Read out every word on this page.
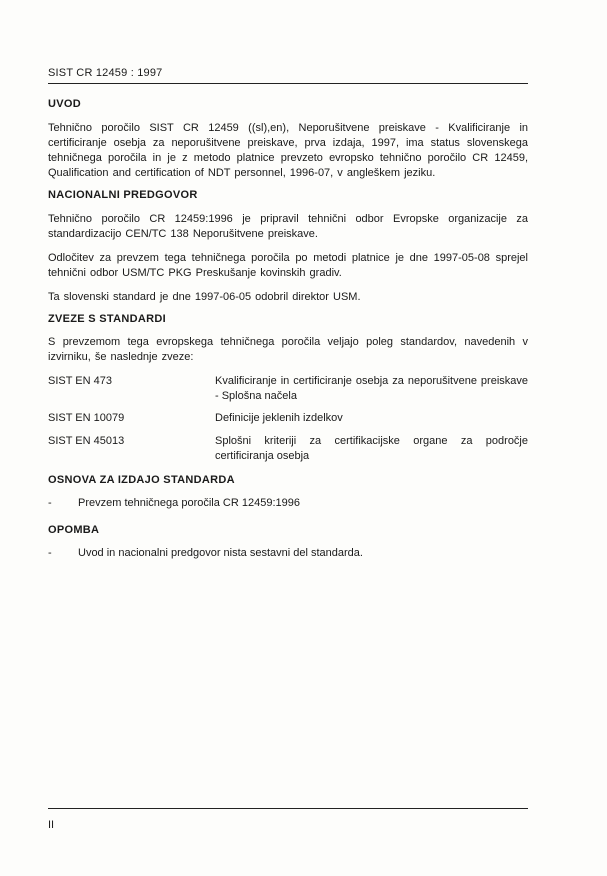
SIST CR 12459 : 1997
UVOD

Tehnično poročilo SIST CR 12459 ((sl),en), Neporušitvene preiskave - Kvalificiranje in certificiranje osebja za neporušitvene preiskave, prva izdaja, 1997, ima status slovenskega tehničnega poročila in je z metodo platnice prevzeto evropsko tehnično poročilo CR 12459, Qualification and certification of NDT personnel, 1996-07, v angleškem jeziku.

NACIONALNI PREDGOVOR

Tehnično poročilo CR 12459:1996 je pripravil tehnični odbor Evropske organizacije za standardizacijo CEN/TC 138 Neporušitvene preiskave.

Odločitev za prevzem tega tehničnega poročila po metodi platnice je dne 1997-05-08 sprejel tehnični odbor USM/TC PKG Preskušanje kovinskih gradiv.

Ta slovenski standard je dne 1997-06-05 odobril direktor USM.

ZVEZE S STANDARDI

S prevzemom tega evropskega tehničnega poročila veljajo poleg standardov, navedenih v izvirniku, še naslednje zveze:

SIST EN 473	Kvalificiranje in certificiranje osebja za neporušitvene preiskave - Splošna načela
SIST EN 10079	Definicije jeklenih izdelkov
SIST EN 45013	Splošni kriteriji za certifikacijske organe za področje certificiranja osebja
OSNOVA ZA IZDAJO STANDARDA
-	Prevzem tehničnega poročila CR 12459:1996
OPOMBA
-	Uvod in nacionalni predgovor nista sestavni del standarda.
II
